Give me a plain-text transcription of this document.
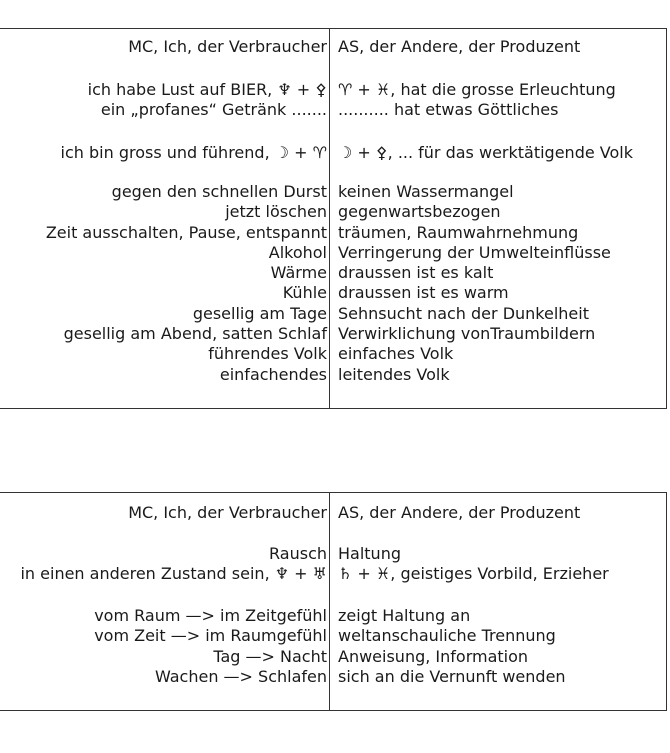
MC, Ich, der Verbraucher AS, der Andere, der Produzent
ich habe Lust auf BIER, ♆ + ⚴
ein „profanes“ Getränk .......
♈ + ♓, hat die grosse Erleuchtung
.......... hat etwas Göttliches
ich bin gross und führend, ☽ + ♈ ☽ + ⚴, ... für das werktätigende Volk
gegen den schnellen Durst
jetzt löschen
Zeit ausschalten, Pause, entspannt
Alkohol
Wärme
Kühle
gesellig am Tage
gesellig am Abend, satten Schlaf
führendes Volk
einfachendes
keinen Wassermangel
gegenwartsbezogen
träumen, Raumwahrnehmung
Verringerung der Umwelteinflüsse
draussen ist es kalt
draussen ist es warm
Sehnsucht nach der Dunkelheit
Verwirklichung vonTraumbildern
einfaches Volk
leitendes Volk
MC, Ich, der Verbraucher AS, der Andere, der Produzent
Rausch
in einen anderen Zustand sein, ♆ + ♅
Haltung
♄ + ♓, geistiges Vorbild, Erzieher
vom Raum —> im Zeitgefühl
vom Zeit —> im Raumgefühl
Tag —> Nacht
Wachen —> Schlafen
zeigt Haltung an
weltanschauliche Trennung
Anweisung, Information
sich an die Vernunft wenden
